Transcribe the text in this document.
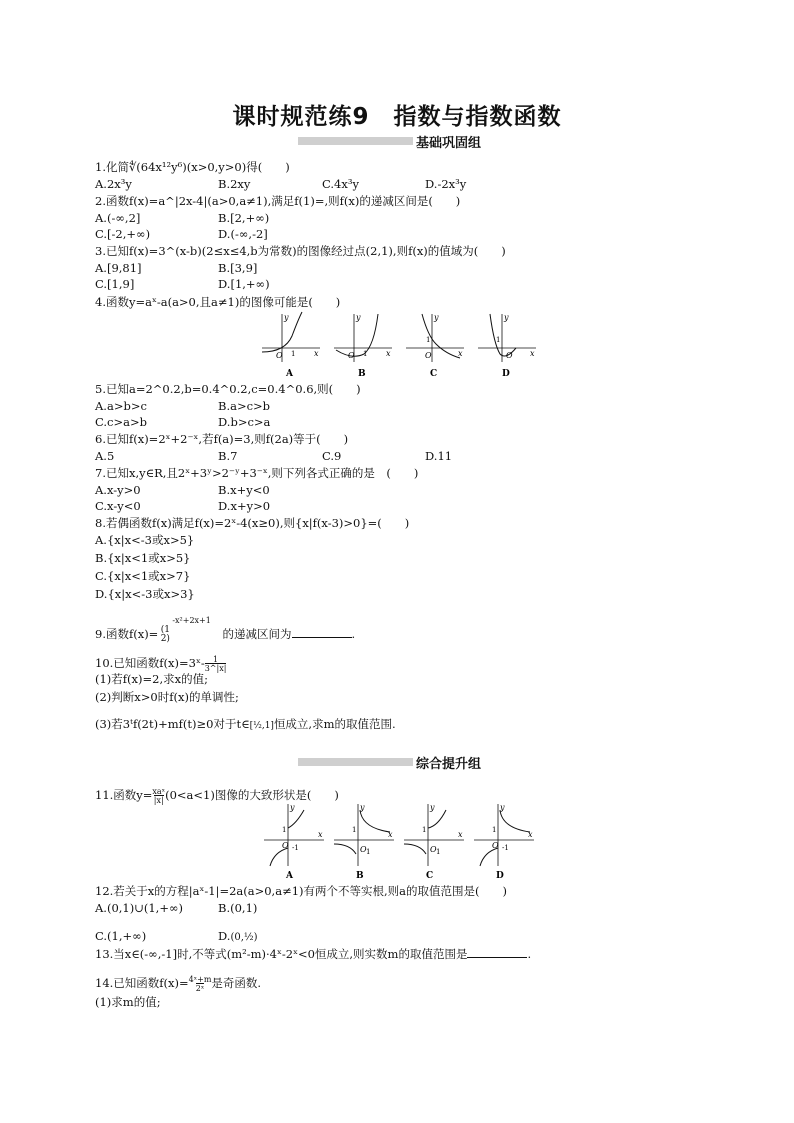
课时规范练9　指数与指数函数
基础巩固组
1.化简∜(64x¹²y⁶)(x>0,y>0)得(　　)
A.2x³y	B.2xy	C.4x³y	D.-2x³y
2.函数f(x)=a^|2x-4|(a>0,a≠1),满足f(1)=,则f(x)的递减区间是(　　)
A.(-∞,2]	B.[2,+∞)
C.[-2,+∞)	D.(-∞,-2]
3.已知f(x)=3^(x-b)(2≤x≤4,b为常数)的图像经过点(2,1),则f(x)的值域为(　　)
A.[9,81]	B.[3,9]
C.[1,9]	D.[1,+∞)
4.函数y=aˣ-a(a>0,且a≠1)的图像可能是(　　)
y
x
O 1
y
x
O 1
y
x
O
1
y
x
O
1
A	B	C	D
5.已知a=2^0.2,b=0.4^0.2,c=0.4^0.6,则(　　)
A.a>b>c	B.a>c>b
C.c>a>b	D.b>c>a
6.已知f(x)=2ˣ+2⁻ˣ,若f(a)=3,则f(2a)等于(　　)
A.5	B.7	C.9	D.11
7.已知x,y∈R,且2ˣ+3ʸ>2⁻ʸ+3⁻ˣ,则下列各式正确的是　(　　)
A.x-y>0	B.x+y<0
C.x-y<0	D.x+y>0
8.若偶函数f(x)满足f(x)=2ˣ-4(x≥0),则{x|f(x-3)>0}=(　　)
A.{x|x<-3或x>5}
B.{x|x<1或x>5}
C.{x|x<1或x>7}
D.{x|x<-3或x>3}
9.函数f(x)= (1
2)$^{-x^2+2x+1}$ 的递减区间为	.
10.已知函数$f(x)=3ˣ-\frac{1}{3\^{}|x|}$
(1)若f(x)=2,求x的值;
(2)判断x>0时f(x)的单调性;
(3)若3ᵗf(2t)+mf(t)≥0对于t∈[½,1]恒成立,求m的取值范围.
综合提升组
11.函数y=xaˣ
|x|(0<a<1)图像的大致形状是(　　)
y
x
1
O -1
y
x
1
O 1
y
x
1
O 1
y
x
1
O -1
A	B	C	D
12.若关于x的方程|aˣ-1|=2a(a>0,a≠1)有两个不等实根,则a的取值范围是(　　)
A.(0,1)∪(1,+∞)	B.(0,1)
C.(1,+∞)	D.(0,½)
13.当x∈(-∞,-1]时,不等式(m²-m)·4ˣ-2ˣ<0恒成立,则实数m的取值范围是	.
14.已知函数$f(x)=\frac{\text{4ˣ+m}}{\text{2ˣ}}$是奇函数.
(1)求m的值;
